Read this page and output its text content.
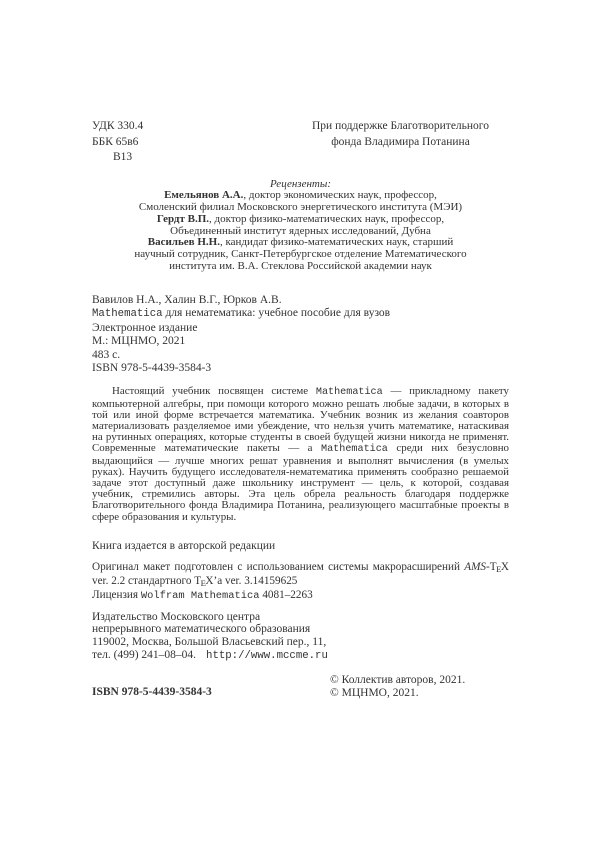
УДК 330.4
ББК 65в6
В13
При поддержке Благотворительного
фонда Владимира Потанина
Рецензенты:
Емельянов А.А., доктор экономических наук, профессор,
Смоленский филиал Московского энергетического института (МЭИ)
Гердт В.П., доктор физико-математических наук, профессор,
Объединенный институт ядерных исследований, Дубна
Васильев Н.Н., кандидат физико-математических наук, старший
научный сотрудник, Санкт-Петербургское отделение Математического
института им. В.А. Стеклова Российской академии наук
Вавилов Н.А., Халин В.Г., Юрков А.В.
Mathematica для нематематика: учебное пособие для вузов
Электронное издание
М.: МЦНМО, 2021
483 с.
ISBN 978-5-4439-3584-3

Настоящий учебник посвящен системе Mathematica — прикладному пакету компьютерной алгебры, при помощи которого можно решать любые задачи, в которых в той или иной форме встречается математика. Учебник возник из желания соавторов материализовать разделяемое ими убеждение, что нельзя учить математике, натаскивая на рутинных операциях, которые студенты в своей будущей жизни никогда не применят. Современные математические пакеты — а Mathematica среди них безусловно выдающийся — лучше многих решат уравнения и выполнят вычисления (в умелых руках). Научить будущего исследователя-нематематика применять сообразно решаемой задаче этот доступный даже школьнику инструмент — цель, к которой, создавая учебник, стремились авторы. Эта цель обрела реальность благодаря поддержке Благотворительного фонда Владимира Потанина, реализующего масштабные проекты в сфере образования и культуры.

Книга издается в авторской редакции
Оригинал макет подготовлен с использованием системы макрорасширений AMS-TEX ver. 2.2 стандартного TEX’а ver. 3.14159625
Лицензия Wolfram Mathematica 4081–2263
Издательство Московского центра
непрерывного математического образования
119002, Москва, Большой Власьевский пер., 11,
тел. (499) 241–08–04. http://www.mccme.ru
ISBN 978-5-4439-3584-3
© Коллектив авторов, 2021.
© МЦНМО, 2021.
